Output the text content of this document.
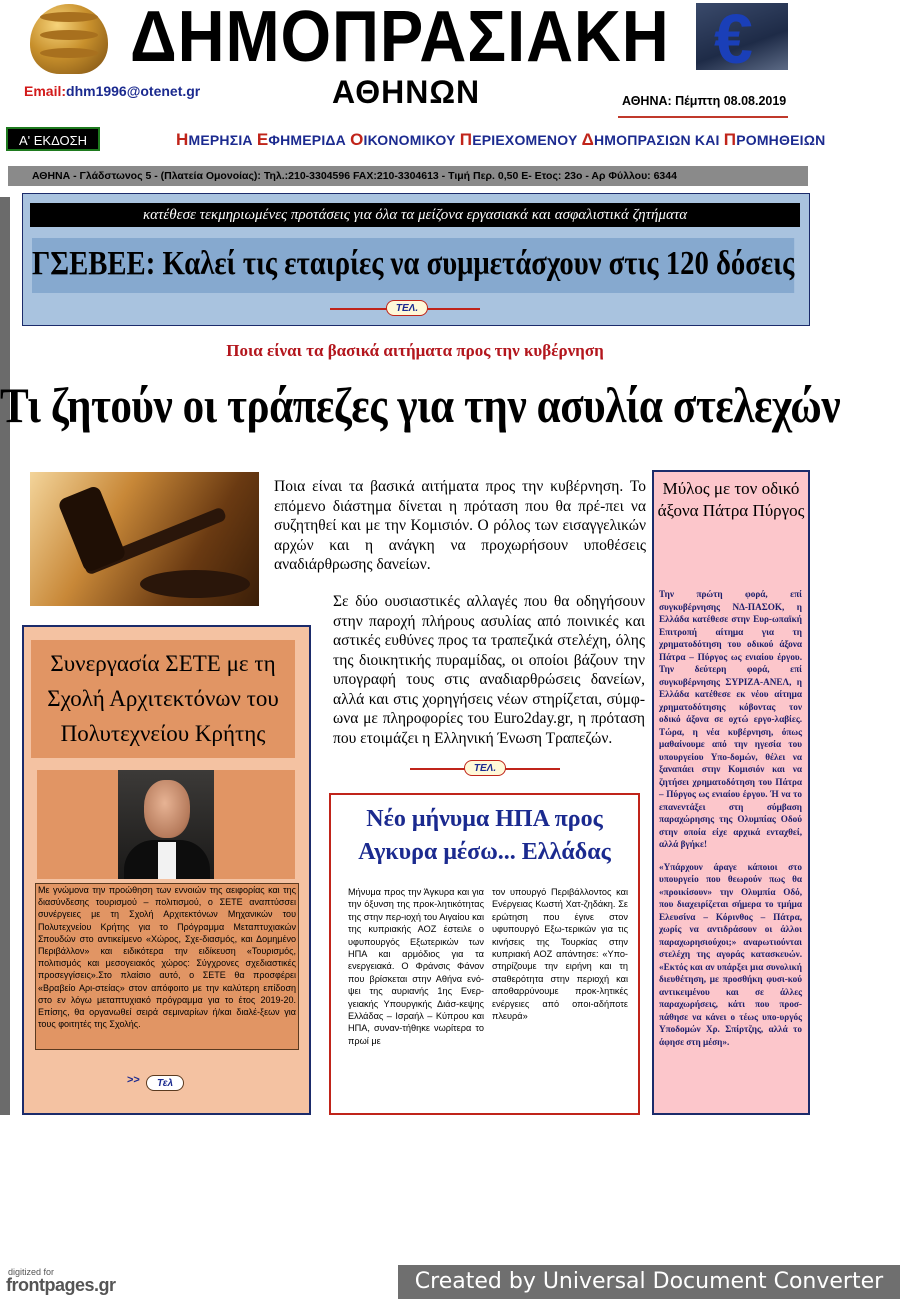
ΔΗΜΟΠΡΑΣΙΑΚΗ €
Email:dhm1996@otenet.gr	ΑΘΗΝΩΝ	ΑΘΗΝΑ: Πέμπτη 08.08.2019
Α' ΕΚΔΟΣΗ	ΗΜΕΡΗΣΙΑ ΕΦΗΜΕΡΙΔΑ ΟΙΚΟΝΟΜΙΚΟΥ ΠΕΡΙΕΧΟΜΕΝΟΥ ΔΗΜΟΠΡΑΣΙΩΝ ΚΑΙ ΠΡΟΜΗΘΕΙΩΝ
ΑΘΗΝΑ - Γλάδστωνος 5 - (Πλατεία Ομονοίας): Τηλ.:210-3304596 FAX:210-3304613 - Τιμή Περ. 0,50 Ε- Ετος: 23ο - Αρ Φύλλου: 6344
κατέθεσε τεκμηριωμένες προτάσεις για όλα τα μείζονα εργασιακά και ασφαλιστικά ζητήματα
ΓΣΕΒΕΕ: Καλεί τις εταιρίες να συμμετάσχουν στις 120 δόσεις
ΤΕΛ.
Ποια είναι τα βασικά αιτήματα προς την κυβέρνηση
Τι ζητούν οι τράπεζες για την ασυλία στελεχών
Ποια είναι τα βασικά αιτήματα προς την κυβέρνηση. Το επόμενο διάστημα δίνεται η πρόταση που θα πρέ-πει να συζητηθεί και με την Κομισιόν. Ο ρόλος των εισαγγελικών αρχών και η ανάγκη να προχωρήσουν υποθέσεις αναδιάρθρωσης δανείων.
Σε δύο ουσιαστικές αλλαγές που θα οδηγήσουν στην παροχή πλήρους ασυλίας από ποινικές και αστικές ευθύνες προς τα τραπεζικά στελέχη, όλης της διοικητικής πυραμίδας, οι οποίοι βάζουν την υπογραφή τους στις αναδιαρθρώσεις δανείων, αλλά και στις χορηγήσεις νέων στηρίζεται, σύμφ-ωνα με πληροφορίες του Euro2day.gr, η πρόταση που ετοιμάζει η Ελληνική Ένωση Τραπεζών.
ΤΕΛ.
Συνεργασία ΣΕΤΕ με τη Σχολή Αρχιτεκτόνων του Πολυτεχνείου Κρήτης
Με γνώμονα την προώθηση των εννοιών της αειφορίας και της διασύνδεσης τουρισμού – πολιτισμού, ο ΣΕΤΕ αναπτύσσει συνέργειες με τη Σχολή Αρχιτεκτόνων Μηχανικών του Πολυτεχνείου Κρήτης για το Πρόγραμμα Μεταπτυχιακών Σπουδών στο αντικείμενο «Χώρος, Σχε-διασμός, και Δομημένο Περιβάλλον» και ειδικότερα την ειδίκευση «Τουρισμός, πολιτισμός και μεσογειακός χώρος: Σύγχρονες σχεδιαστικές προσεγγίσεις».Στο πλαίσιο αυτό, ο ΣΕΤΕ θα προσφέρει «Βραβείο Αρι-στείας» στον απόφοιτο με την καλύτερη επίδοση στο εν λόγω μεταπτυχιακό πρόγραμμα για το έτος 2019-20. Επίσης, θα οργανωθεί σειρά σεμιναρίων ή/και διαλέ-ξεων για τους φοιτητές της Σχολής.
>>	Τελ
Νέο μήνυμα ΗΠΑ προς Αγκυρα μέσω... Ελλάδας
Μήνυμα προς την Άγκυρα και για την όξυνση της προκ-λητικότητας της στην περ-ιοχή του Αιγαίου και της κυπριακής ΑΟΖ έστειλε ο υφυπουργός Εξωτερικών των ΗΠΑ και αρμόδιος για τα ενεργειακά. Ο Φράνσις Φάνον που βρίσκεται στην Αθήνα ενό-ψει της αυριανής 1ης Ενερ-γειακής Υπουργικής Διάσ-κεψης Ελλάδας – Ισραήλ – Κύπρου και ΗΠΑ, συναν-τήθηκε νωρίτερα το πρωί με
τον υπουργό Περιβάλλοντος και Ενέργειας Κωστή Χατ-ζηδάκη. Σε ερώτηση που έγινε στον υφυπουργό Εξω-τερικών για τις κινήσεις της Τουρκίας στην κυπριακή ΑΟΖ απάντησε: «Υπο-στηρίζουμε την ειρήνη και τη σταθερότητα στην περιοχή και αποθαρρύνουμε προκ-λητικές ενέργειες από οποι-αδήποτε πλευρά»
Μύλος με τον οδικό άξονα Πάτρα Πύργος

Την πρώτη φορά, επί συγκυβέρνησης ΝΔ-ΠΑΣΟΚ, η Ελλάδα κατέθεσε στην Ευρ-ωπαϊκή Επιτροπή αίτημα για τη χρηματοδότηση του οδικού άξονα Πάτρα – Πύργος ως ενιαίου έργου. Την δεύτερη φορά, επί συγκυβέρνησης ΣΥΡΙΖΑ-ΑΝΕΛ, η Ελλάδα κατέθεσε εκ νέου αίτημα χρηματοδότησης κόβοντας τον οδικό άξονα σε οχτώ εργο-λαβίες. Τώρα, η νέα κυβέρνηση, όπως μαθαίνουμε από την ηγεσία του υπουργείου Υπο-δομών, θέλει να ξαναπάει στην Κομισιόν και να ζητήσει χρηματοδότηση του Πάτρα – Πύργος ως ενιαίου έργου. Ή να το επανεντάξει στη σύμβαση παραχώρησης της Ολυμπίας Οδού στην οποία είχε αρχικά ενταχθεί, αλλά βγήκε!

«Υπάρχουν άραγε κάποιοι στο υπουργείο που θεωρούν πως θα «προικίσουν» την Ολυμπία Οδό, που διαχειρίζεται σήμερα το τμήμα Ελευσίνα – Κόρινθος – Πάτρα, χωρίς να αντιδράσουν οι άλλοι παραχωρησιούχοι;» αναρωτιούνται στελέχη της αγοράς κατασκευών. «Εκτός και αν υπάρξει μια συνολική διευθέτηση, με προσθήκη φυσι-κού αντικειμένου και σε άλλες παραχωρήσεις, κάτι που προσ-πάθησε να κάνει ο τέως υπο-υργός Υποδομών Χρ. Σπίρτζης, αλλά το άφησε στη μέση».

digitized for
frontpages.gr	Created by Universal Document Converter
